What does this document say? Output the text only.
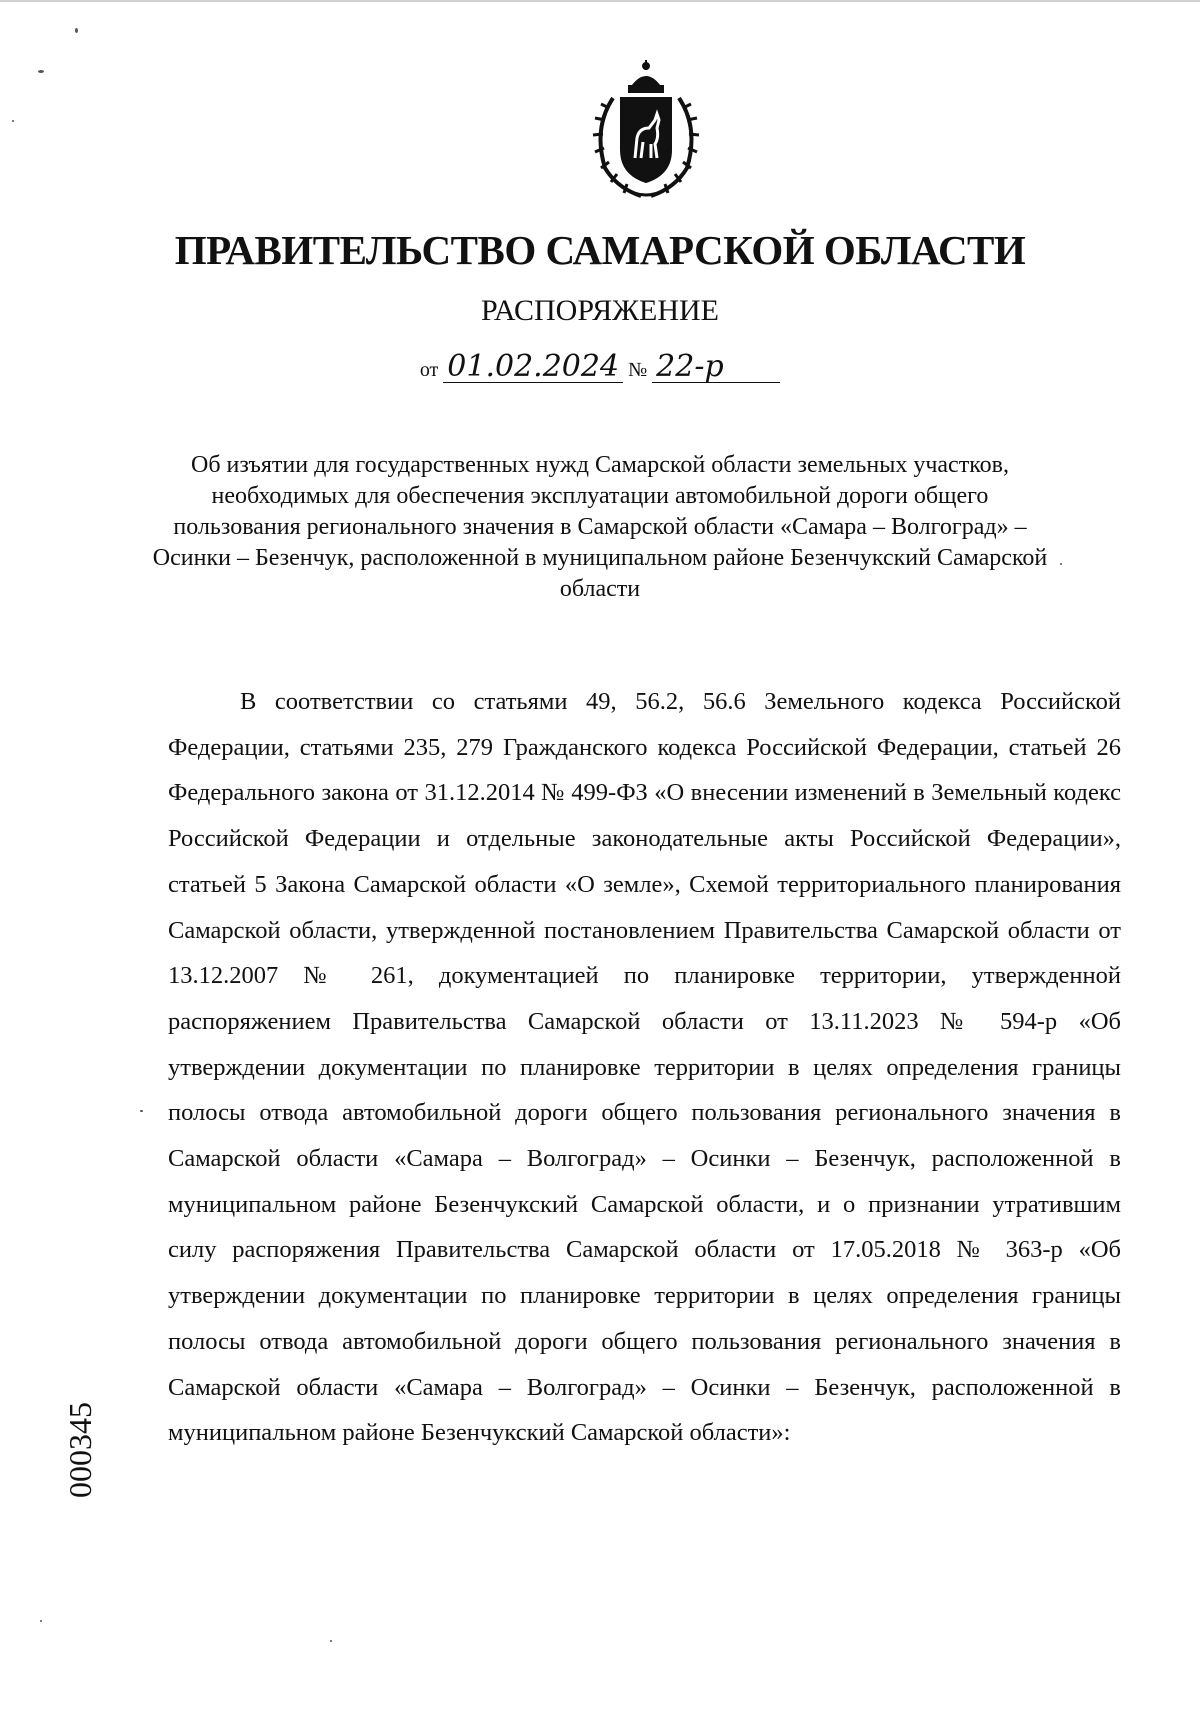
ПРАВИТЕЛЬСТВО САМАРСКОЙ ОБЛАСТИ
РАСПОРЯЖЕНИЕ
от 01.02.2024 № 22-р
Об изъятии для государственных нужд Самарской области земельных участков, необходимых для обеспечения эксплуатации автомобильной дороги общего пользования регионального значения в Самарской области «Самара – Волгоград» – Осинки – Безенчук, расположенной в муниципальном районе Безенчукский Самарской области
В соответствии со статьями 49, 56.2, 56.6 Земельного кодекса Российской Федерации, статьями 235, 279 Гражданского кодекса Российской Федерации, статьей 26 Федерального закона от 31.12.2014 № 499-ФЗ «О внесении изменений в Земельный кодекс Российской Федерации и отдельные законодательные акты Российской Федерации», статьей 5 Закона Самарской области «О земле», Схемой территориального планирования Самарской области, утвержденной постановлением Правительства Самарской области от 13.12.2007 № 261, документацией по планировке территории, утвержденной распоряжением Правительства Самарской области от 13.11.2023 № 594-р «Об утверждении документации по планировке территории в целях определения границы полосы отвода автомобильной дороги общего пользования регионального значения в Самарской области «Самара – Волгоград» – Осинки – Безенчук, расположенной в муниципальном районе Безенчукский Самарской области, и о признании утратившим силу распоряжения Правительства Самарской области от 17.05.2018 № 363-р «Об утверждении документации по планировке территории в целях определения границы полосы отвода автомобильной дороги общего пользования регионального значения в Самарской области «Самара – Волгоград» – Осинки – Безенчук, расположенной в муниципальном районе Безенчукский Самарской области»:
000345
